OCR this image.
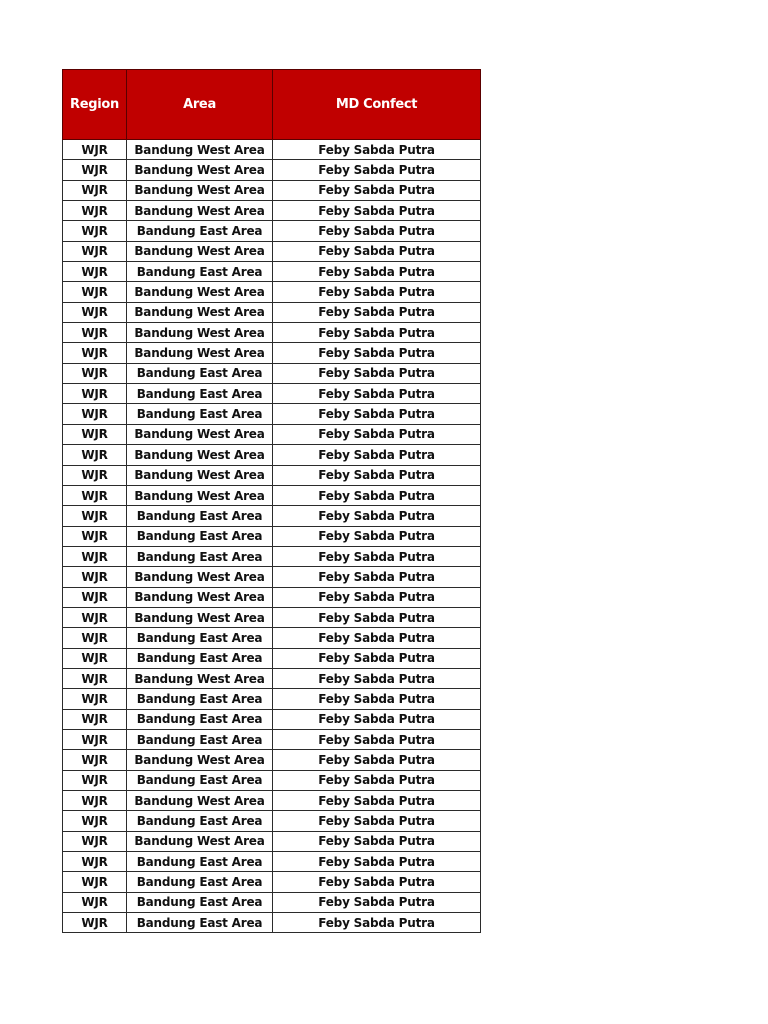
Region	Area	MD Confect
WJR	Bandung West Area	Feby Sabda Putra
WJR	Bandung West Area	Feby Sabda Putra
WJR	Bandung West Area	Feby Sabda Putra
WJR	Bandung West Area	Feby Sabda Putra
WJR	Bandung East Area	Feby Sabda Putra
WJR	Bandung West Area	Feby Sabda Putra
WJR	Bandung East Area	Feby Sabda Putra
WJR	Bandung West Area	Feby Sabda Putra
WJR	Bandung West Area	Feby Sabda Putra
WJR	Bandung West Area	Feby Sabda Putra
WJR	Bandung West Area	Feby Sabda Putra
WJR	Bandung East Area	Feby Sabda Putra
WJR	Bandung East Area	Feby Sabda Putra
WJR	Bandung East Area	Feby Sabda Putra
WJR	Bandung West Area	Feby Sabda Putra
WJR	Bandung West Area	Feby Sabda Putra
WJR	Bandung West Area	Feby Sabda Putra
WJR	Bandung West Area	Feby Sabda Putra
WJR	Bandung East Area	Feby Sabda Putra
WJR	Bandung East Area	Feby Sabda Putra
WJR	Bandung East Area	Feby Sabda Putra
WJR	Bandung West Area	Feby Sabda Putra
WJR	Bandung West Area	Feby Sabda Putra
WJR	Bandung West Area	Feby Sabda Putra
WJR	Bandung East Area	Feby Sabda Putra
WJR	Bandung East Area	Feby Sabda Putra
WJR	Bandung West Area	Feby Sabda Putra
WJR	Bandung East Area	Feby Sabda Putra
WJR	Bandung East Area	Feby Sabda Putra
WJR	Bandung East Area	Feby Sabda Putra
WJR	Bandung West Area	Feby Sabda Putra
WJR	Bandung East Area	Feby Sabda Putra
WJR	Bandung West Area	Feby Sabda Putra
WJR	Bandung East Area	Feby Sabda Putra
WJR	Bandung West Area	Feby Sabda Putra
WJR	Bandung East Area	Feby Sabda Putra
WJR	Bandung East Area	Feby Sabda Putra
WJR	Bandung East Area	Feby Sabda Putra
WJR	Bandung East Area	Feby Sabda Putra
